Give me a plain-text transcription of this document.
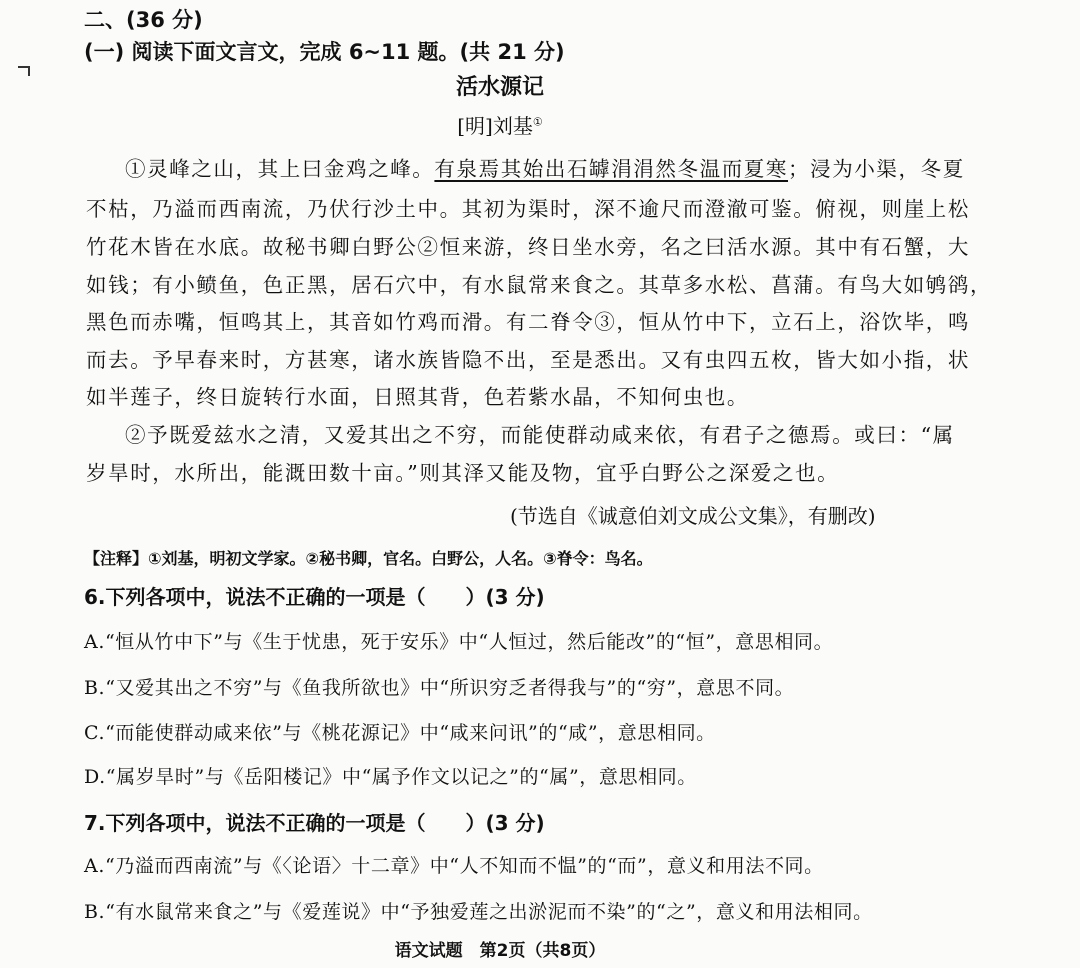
二、(36 分)
(一) 阅读下面文言文，完成 6~11 题。(共 21 分)
活水源记
[明]刘基①
①灵峰之山，其上曰金鸡之峰。有泉焉其始出石罅涓涓然冬温而夏寒；浸为小渠，冬夏
不枯，乃溢而西南流，乃伏行沙土中。其初为渠时，深不逾尺而澄澈可鉴。俯视，则崖上松
竹花木皆在水底。故秘书卿白野公②恒来游，终日坐水旁，名之曰活水源。其中有石蟹，大
如钱；有小鲼鱼，色正黑，居石穴中，有水鼠常来食之。其草多水松、菖蒲。有鸟大如鸲鹆，
黑色而赤嘴，恒鸣其上，其音如竹鸡而滑。有二脊令③，恒从竹中下，立石上，浴饮毕，鸣
而去。予早春来时，方甚寒，诸水族皆隐不出，至是悉出。又有虫四五枚，皆大如小指，状
如半莲子，终日旋转行水面，日照其背，色若紫水晶，不知何虫也。
②予既爱兹水之清，又爱其出之不穷，而能使群动咸来依，有君子之德焉。或曰：“属
岁旱时，水所出，能溉田数十亩。”则其泽又能及物，宜乎白野公之深爱之也。
(节选自《诚意伯刘文成公文集》，有删改)
【注释】①刘基，明初文学家。②秘书卿，官名。白野公，人名。③脊令：鸟名。
6.下列各项中，说法不正确的一项是（　　）(3 分)
A.“恒从竹中下”与《生于忧患，死于安乐》中“人恒过，然后能改”的“恒”，意思相同。
B.“又爱其出之不穷”与《鱼我所欲也》中“所识穷乏者得我与”的“穷”，意思不同。
C.“而能使群动咸来依”与《桃花源记》中“咸来问讯”的“咸”，意思相同。
D.“属岁旱时”与《岳阳楼记》中“属予作文以记之”的“属”，意思相同。
7.下列各项中，说法不正确的一项是（　　）(3 分)
A.“乃溢而西南流”与《〈论语〉十二章》中“人不知而不愠”的“而”，意义和用法不同。
B.“有水鼠常来食之”与《爱莲说》中“予独爱莲之出淤泥而不染”的“之”，意义和用法相同。
语文试题　第2页（共8页）
